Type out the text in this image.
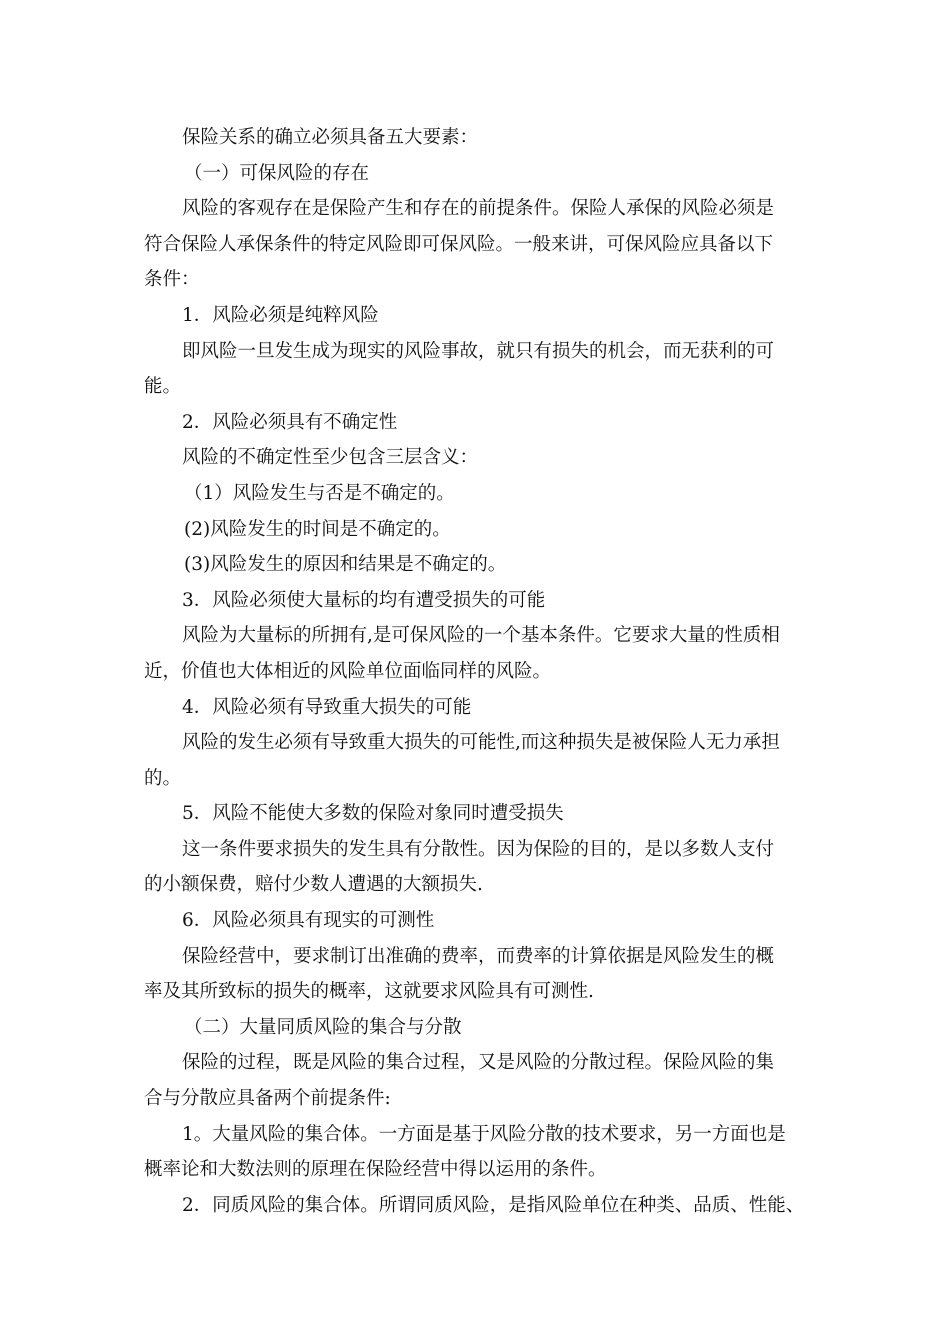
保险关系的确立必须具备五大要素：

（一）可保风险的存在

风险的客观存在是保险产生和存在的前提条件。保险人承保的风险必须是

符合保险人承保条件的特定风险即可保风险。一般来讲，可保风险应具备以下

条件：

1．风险必须是纯粹风险

即风险一旦发生成为现实的风险事故，就只有损失的机会，而无获利的可

能。

2．风险必须具有不确定性

风险的不确定性至少包含三层含义：

（1）风险发生与否是不确定的。

(2)风险发生的时间是不确定的。

(3)风险发生的原因和结果是不确定的。

3．风险必须使大量标的均有遭受损失的可能

风险为大量标的所拥有,是可保风险的一个基本条件。它要求大量的性质相

近，价值也大体相近的风险单位面临同样的风险。

4．风险必须有导致重大损失的可能

风险的发生必须有导致重大损失的可能性,而这种损失是被保险人无力承担

的。

5．风险不能使大多数的保险对象同时遭受损失

这一条件要求损失的发生具有分散性。因为保险的目的，是以多数人支付

的小额保费，赔付少数人遭遇的大额损失.

6．风险必须具有现实的可测性

保险经营中，要求制订出准确的费率，而费率的计算依据是风险发生的概

率及其所致标的损失的概率，这就要求风险具有可测性.

（二）大量同质风险的集合与分散

保险的过程，既是风险的集合过程，又是风险的分散过程。保险风险的集

合与分散应具备两个前提条件:

1。大量风险的集合体。一方面是基于风险分散的技术要求，另一方面也是

概率论和大数法则的原理在保险经营中得以运用的条件。

2．同质风险的集合体。所谓同质风险，是指风险单位在种类、品质、性能、
